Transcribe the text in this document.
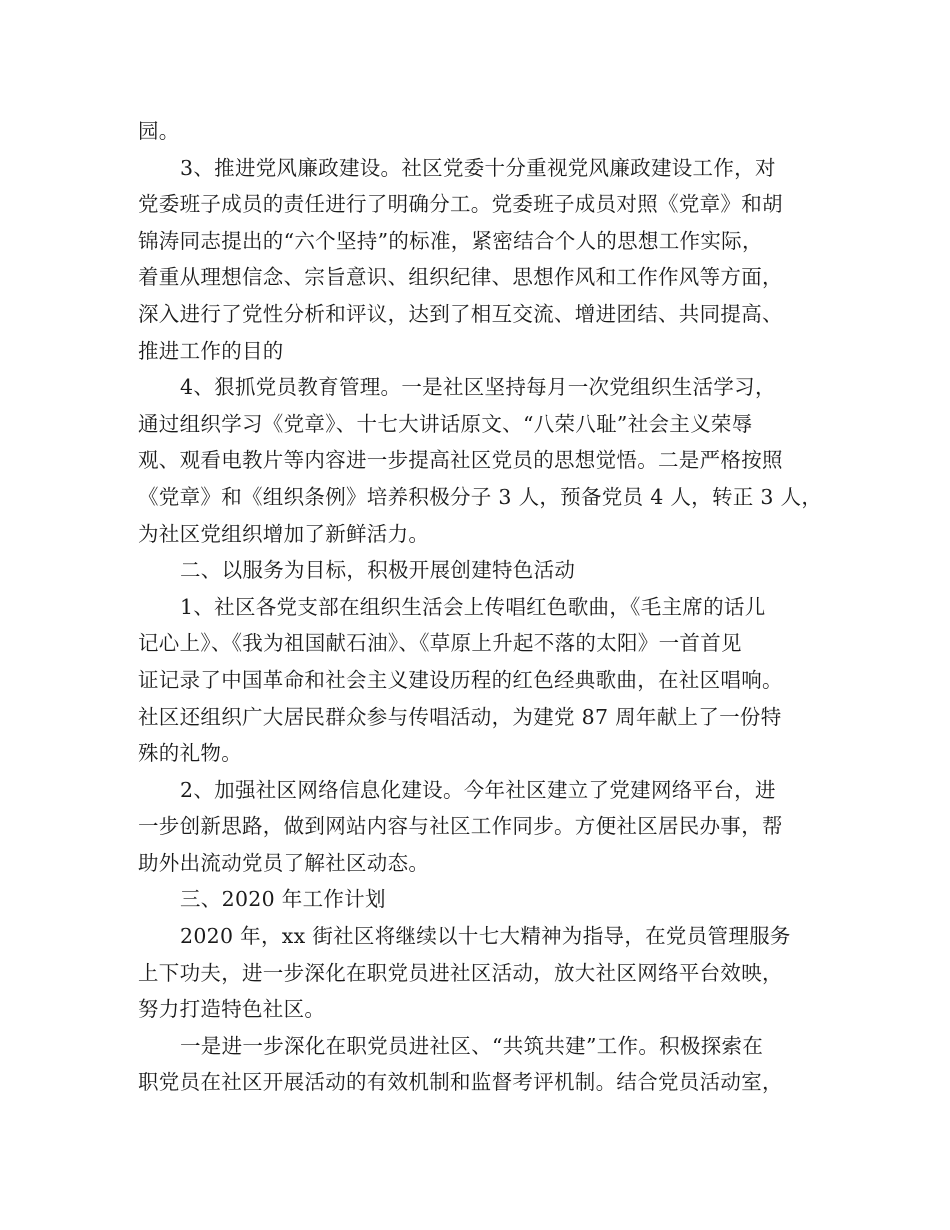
园。
3、推进党风廉政建设。社区党委十分重视党风廉政建设工作，对
党委班子成员的责任进行了明确分工。党委班子成员对照《党章》和胡
锦涛同志提出的“六个坚持”的标准，紧密结合个人的思想工作实际，
着重从理想信念、宗旨意识、组织纪律、思想作风和工作作风等方面，
深入进行了党性分析和评议，达到了相互交流、增进团结、共同提高、
推进工作的目的
4、狠抓党员教育管理。一是社区坚持每月一次党组织生活学习，
通过组织学习《党章》、十七大讲话原文、“八荣八耻”社会主义荣辱
观、观看电教片等内容进一步提高社区党员的思想觉悟。二是严格按照
《党章》和《组织条例》培养积极分子 3 人，预备党员 4 人，转正 3 人，
为社区党组织增加了新鲜活力。
二、以服务为目标，积极开展创建特色活动
1、社区各党支部在组织生活会上传唱红色歌曲，《毛主席的话儿
记心上》、《我为祖国献石油》、《草原上升起不落的太阳》一首首见
证记录了中国革命和社会主义建设历程的红色经典歌曲，在社区唱响。
社区还组织广大居民群众参与传唱活动，为建党 87 周年献上了一份特
殊的礼物。
2、加强社区网络信息化建设。今年社区建立了党建网络平台，进
一步创新思路，做到网站内容与社区工作同步。方便社区居民办事，帮
助外出流动党员了解社区动态。
三、2020 年工作计划
2020 年，xx 街社区将继续以十七大精神为指导，在党员管理服务
上下功夫，进一步深化在职党员进社区活动，放大社区网络平台效映，
努力打造特色社区。
一是进一步深化在职党员进社区、“共筑共建”工作。积极探索在
职党员在社区开展活动的有效机制和监督考评机制。结合党员活动室，
